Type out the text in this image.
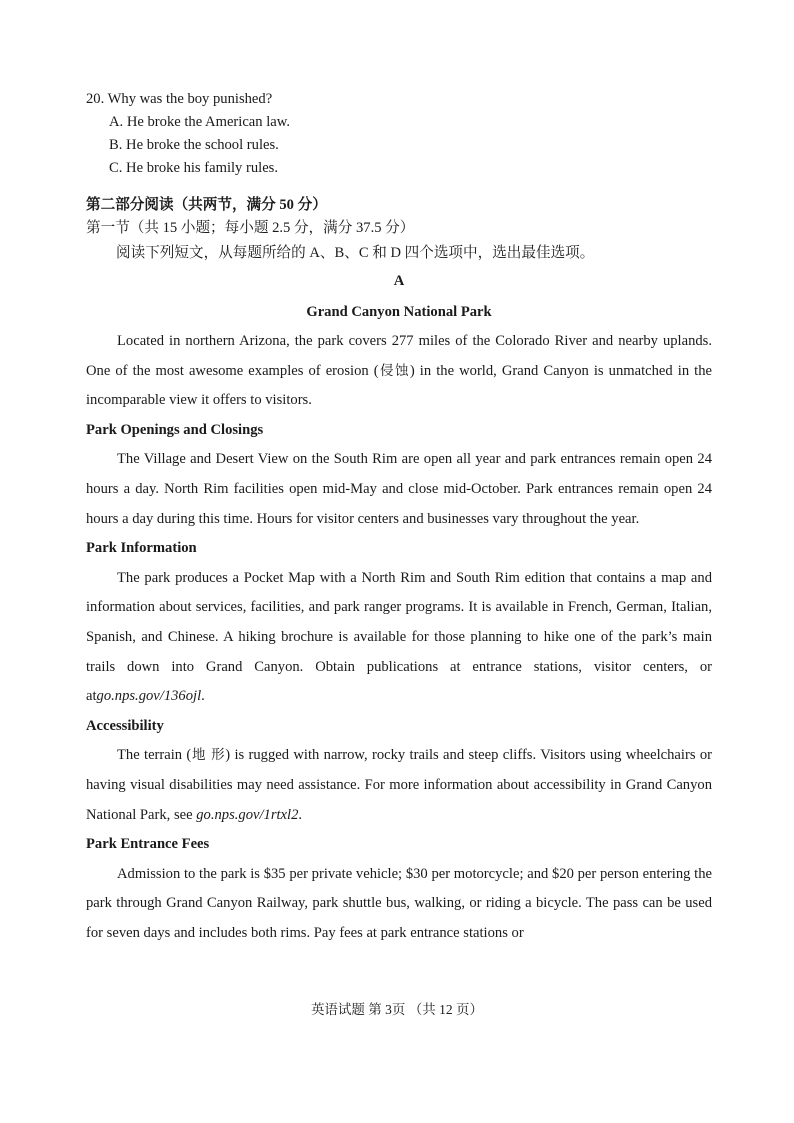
20. Why was the boy punished?

A. He broke the American law.

B. He broke the school rules.

C. He broke his family rules.

第二部分阅读（共两节，满分 50 分）

第一节（共 15 小题；每小题 2.5 分，满分 37.5 分）

阅读下列短文，从每题所给的 A、B、C 和 D 四个选项中，选出最佳选项。

A

Grand Canyon National Park

Located in northern Arizona, the park covers 277 miles of the Colorado River and nearby uplands. One of the most awesome examples of erosion (侵蚀) in the world, Grand Canyon is unmatched in the incomparable view it offers to visitors.

Park Openings and Closings

The Village and Desert View on the South Rim are open all year and park entrances remain open 24 hours a day. North Rim facilities open mid-May and close mid-October. Park entrances remain open 24 hours a day during this time. Hours for visitor centers and businesses vary throughout the year.

Park Information

The park produces a Pocket Map with a North Rim and South Rim edition that contains a map and information about services, facilities, and park ranger programs. It is available in French, German, Italian, Spanish, and Chinese. A hiking brochure is available for those planning to hike one of the park’s main trails down into Grand Canyon. Obtain publications at entrance stations, visitor centers, or atgo.nps.gov/136ojl.

Accessibility

The terrain (地 形) is rugged with narrow, rocky trails and steep cliffs. Visitors using wheelchairs or having visual disabilities may need assistance. For more information about accessibility in Grand Canyon National Park, see go.nps.gov/1rtxl2.

Park Entrance Fees

Admission to the park is $35 per private vehicle; $30 per motorcycle; and $20 per person entering the park through Grand Canyon Railway, park shuttle bus, walking, or riding a bicycle. The pass can be used for seven days and includes both rims. Pay fees at park entrance stations or

英语试题 第 3页 （共 12 页）
